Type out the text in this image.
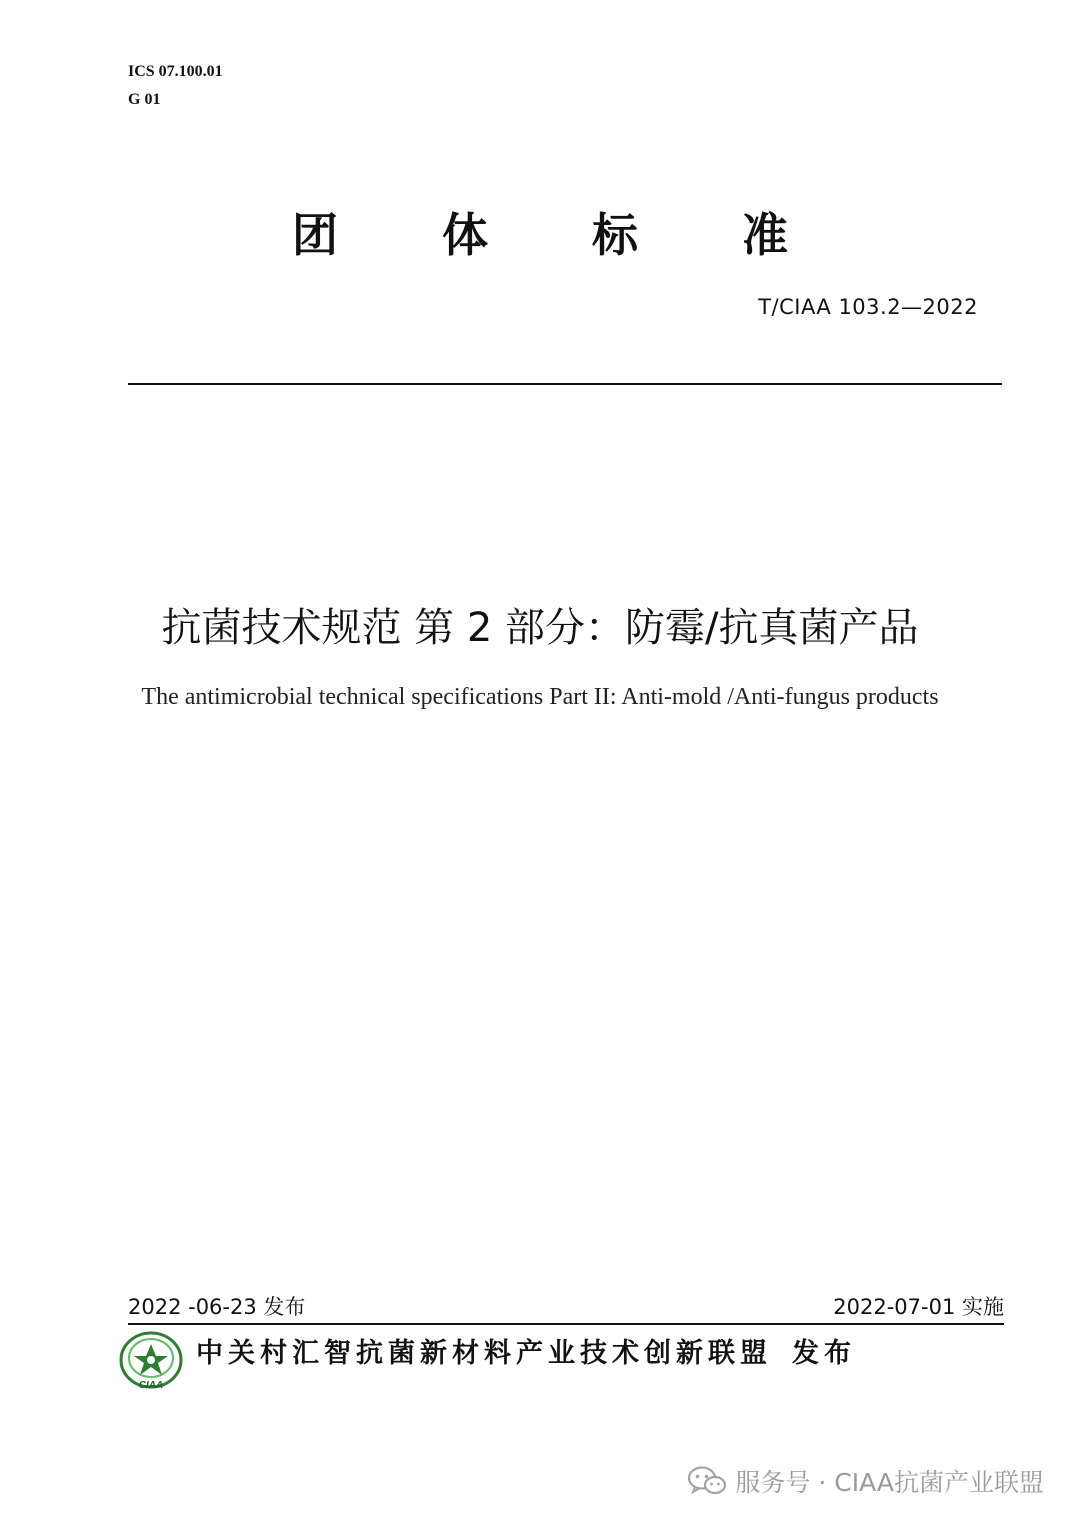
ICS 07.100.01
G 01
团 体 标 准
T/CIAA 103.2—2022
抗菌技术规范 第 2 部分：防霉/抗真菌产品
The antimicrobial technical specifications Part II: Anti-mold /Anti-fungus products
2022 -06-23 发布	2022-07-01 实施
CIAA
中关村汇智抗菌新材料产业技术创新联盟 发布
服务号 · CIAA抗菌产业联盟
